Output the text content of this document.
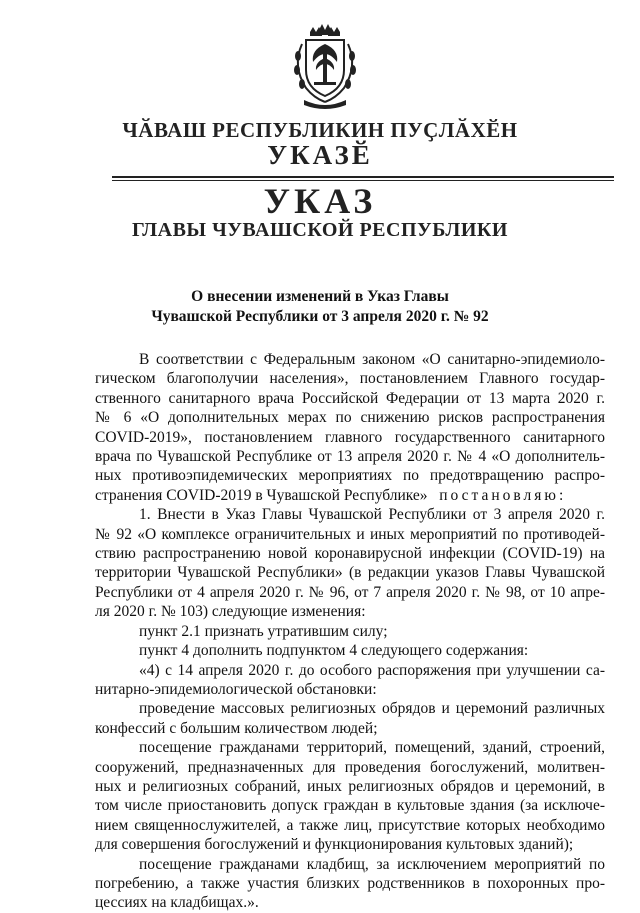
ЧӐВАШ РЕСПУБЛИКИН ПУҪЛӐХӖН
УКАЗӖ
УКАЗ
ГЛАВЫ ЧУВАШСКОЙ РЕСПУБЛИКИ
О внесении изменений в Указ Главы
Чувашской Республики от 3 апреля 2020 г. № 92
В соответствии с Федеральным законом «О санитарно-эпидемиоло-
гическом благополучии населения», постановлением Главного государ-
ственного санитарного врача Российской Федерации от 13 марта 2020 г.
№ 6 «О дополнительных мерах по снижению рисков распространения
COVID-2019», постановлением главного государственного санитарного
врача по Чувашской Республике от 13 апреля 2020 г. № 4 «О дополнитель-
ных противоэпидемических мероприятиях по предотвращению распро-
странения COVID-2019 в Чувашской Республике» постановляю:
1. Внести в Указ Главы Чувашской Республики от 3 апреля 2020 г.
№ 92 «О комплексе ограничительных и иных мероприятий по противодей-
ствию распространению новой коронавирусной инфекции (COVID-19) на
территории Чувашской Республики» (в редакции указов Главы Чувашской
Республики от 4 апреля 2020 г. № 96, от 7 апреля 2020 г. № 98, от 10 апре-
ля 2020 г. № 103) следующие изменения:
пункт 2.1 признать утратившим силу;
пункт 4 дополнить подпунктом 4 следующего содержания:
«4) с 14 апреля 2020 г. до особого распоряжения при улучшении са-
нитарно-эпидемиологической обстановки:
проведение массовых религиозных обрядов и церемоний различных
конфессий с большим количеством людей;
посещение гражданами территорий, помещений, зданий, строений,
сооружений, предназначенных для проведения богослужений, молитвен-
ных и религиозных собраний, иных религиозных обрядов и церемоний, в
том числе приостановить допуск граждан в культовые здания (за исключе-
нием священнослужителей, а также лиц, присутствие которых необходимо
для совершения богослужений и функционирования культовых зданий);
посещение гражданами кладбищ, за исключением мероприятий по
погребению, а также участия близких родственников в похоронных про-
цессиях на кладбищах.».
